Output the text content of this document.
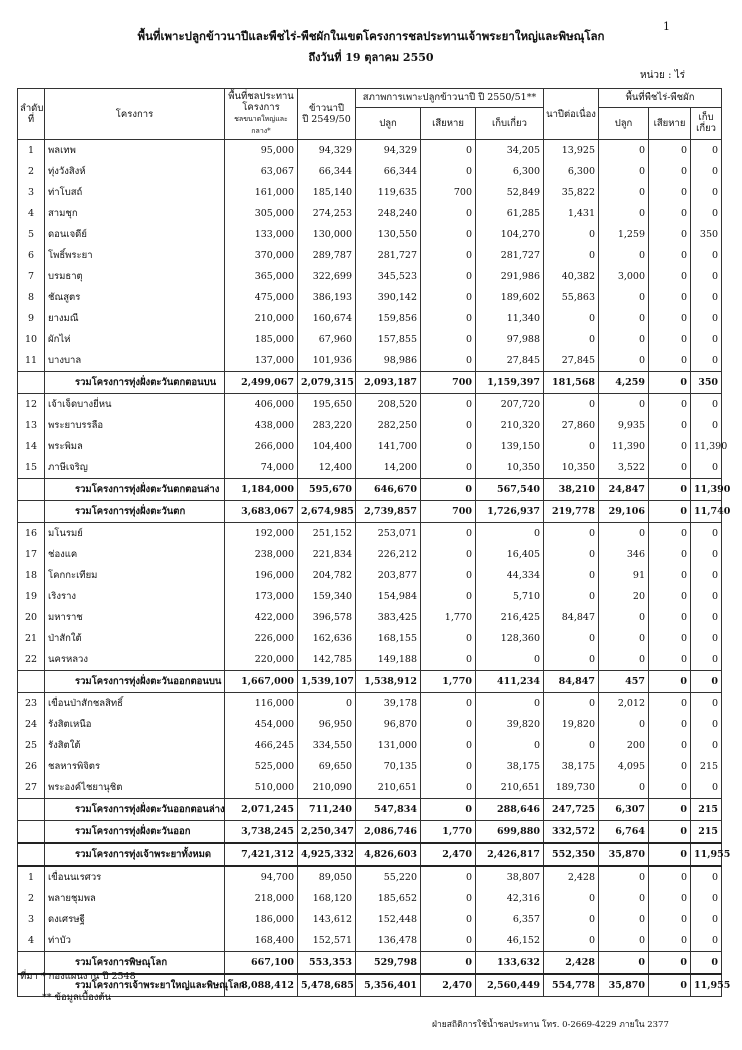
1
พื้นที่เพาะปลูกข้าวนาปีและพืชไร่-พืชผักในเขตโครงการชลประทานเจ้าพระยาใหญ่และพิษณุโลก
ถึงวันที่ 19 ตุลาคม 2550
หน่วย : ไร่
ลำดับที่	โครงการ	พื้นที่ชลประทานโครงการ
ชลขนาดใหญ่และกลาง*	ข้าวนาปี
ปี 2549/50	สภาพการเพาะปลูกข้าวนาปี ปี 2550/51**			นาปีต่อเนื่อง	พื้นที่พืชไร่-พืชผัก		
				ปลูก	เสียหาย	เก็บเกี่ยว		ปลูก	เสียหาย	เก็บเกี่ยว
1	พลเทพ	95,000	94,329	94,329	0	34,205	13,925	0	0	0
2	ทุ่งวังสิงห์	63,067	66,344	66,344	0	6,300	6,300	0	0	0
3	ท่าโบสถ์	161,000	185,140	119,635	700	52,849	35,822	0	0	0
4	สามชุก	305,000	274,253	248,240	0	61,285	1,431	0	0	0
5	ดอนเจดีย์	133,000	130,000	130,550	0	104,270	0	1,259	0	350
6	โพธิ์พระยา	370,000	289,787	281,727	0	281,727	0	0	0	0
7	บรมธาตุ	365,000	322,699	345,523	0	291,986	40,382	3,000	0	0
8	ชัณสูตร	475,000	386,193	390,142	0	189,602	55,863	0	0	0
9	ยางมณี	210,000	160,674	159,856	0	11,340	0	0	0	0
10	ผักไห่	185,000	67,960	157,855	0	97,988	0	0	0	0
11	บางบาล	137,000	101,936	98,986	0	27,845	27,845	0	0	0
	รวมโครงการทุ่งฝั่งตะวันตกตอนบน	2,499,067	2,079,315	2,093,187	700	1,159,397	181,568	4,259	0	350
12	เจ้าเจ็ดบางยี่หน	406,000	195,650	208,520	0	207,720	0	0	0	0
13	พระยาบรรลือ	438,000	283,220	282,250	0	210,320	27,860	9,935	0	0
14	พระพิมล	266,000	104,400	141,700	0	139,150	0	11,390	0	11,390
15	ภาษีเจริญ	74,000	12,400	14,200	0	10,350	10,350	3,522	0	0
	รวมโครงการทุ่งฝั่งตะวันตกตอนล่าง	1,184,000	595,670	646,670	0	567,540	38,210	24,847	0	11,390
	รวมโครงการทุ่งฝั่งตะวันตก	3,683,067	2,674,985	2,739,857	700	1,726,937	219,778	29,106	0	11,740
16	มโนรมย์	192,000	251,152	253,071	0	0	0	0	0	0
17	ช่องแค	238,000	221,834	226,212	0	16,405	0	346	0	0
18	โคกกะเทียม	196,000	204,782	203,877	0	44,334	0	91	0	0
19	เริงราง	173,000	159,340	154,984	0	5,710	0	20	0	0
20	มหาราช	422,000	396,578	383,425	1,770	216,425	84,847	0	0	0
21	ป่าสักใต้	226,000	162,636	168,155	0	128,360	0	0	0	0
22	นครหลวง	220,000	142,785	149,188	0	0	0	0	0	0
	รวมโครงการทุ่งฝั่งตะวันออกตอนบน	1,667,000	1,539,107	1,538,912	1,770	411,234	84,847	457	0	0
23	เขื่อนป่าสักชลสิทธิ์	116,000	0	39,178	0	0	0	2,012	0	0
24	รังสิตเหนือ	454,000	96,950	96,870	0	39,820	19,820	0	0	0
25	รังสิตใต้	466,245	334,550	131,000	0	0	0	200	0	0
26	ชลหารพิจิตร	525,000	69,650	70,135	0	38,175	38,175	4,095	0	215
27	พระองค์ไชยานุชิต	510,000	210,090	210,651	0	210,651	189,730	0	0	0
	รวมโครงการทุ่งฝั่งตะวันออกตอนล่าง	2,071,245	711,240	547,834	0	288,646	247,725	6,307	0	215
	รวมโครงการทุ่งฝั่งตะวันออก	3,738,245	2,250,347	2,086,746	1,770	699,880	332,572	6,764	0	215
	รวมโครงการทุ่งเจ้าพระยาทั้งหมด	7,421,312	4,925,332	4,826,603	2,470	2,426,817	552,350	35,870	0	11,955
1	เขื่อนนเรศวร	94,700	89,050	55,220	0	38,807	2,428	0	0	0
2	พลายชุมพล	218,000	168,120	185,652	0	42,316	0	0	0	0
3	ดงเศรษฐี	186,000	143,612	152,448	0	6,357	0	0	0	0
4	ท่าบัว	168,400	152,571	136,478	0	46,152	0	0	0	0
	รวมโครงการพิษณุโลก	667,100	553,353	529,798	0	133,632	2,428	0	0	0
	รวมโครงการเจ้าพระยาใหญ่และพิษณุโลก	8,088,412	5,478,685	5,356,401	2,470	2,560,449	554,778	35,870	0	11,955
ที่มา * กองแผนงาน ปี 2548
** ข้อมูลเบื้องต้น
ฝ่ายสถิติการใช้น้ำชลประทาน โทร. 0-2669-4229 ภายใน 2377
